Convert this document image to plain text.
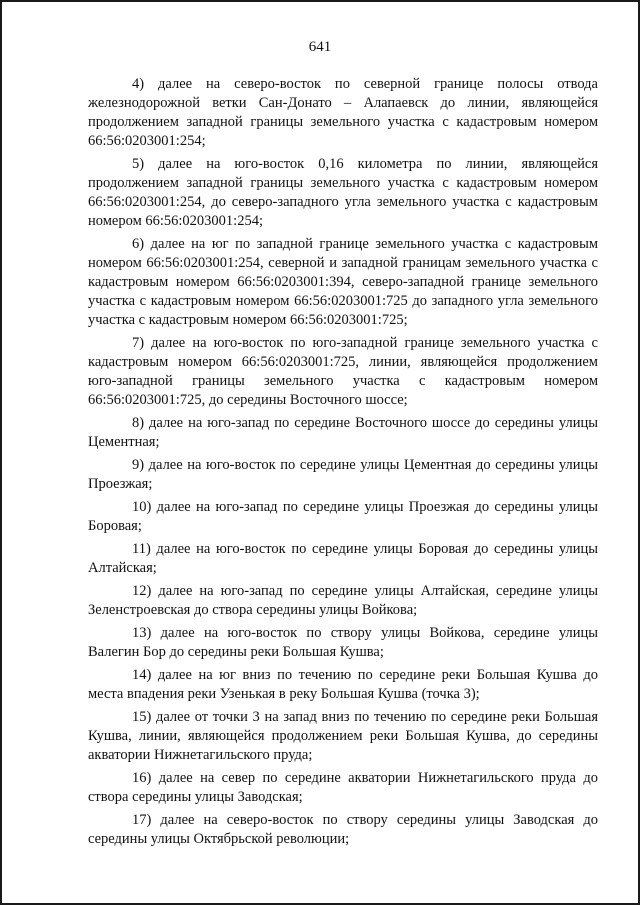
641

4) далее на северо-восток по северной границе полосы отвода железнодорожной ветки Сан-Донато – Алапаевск до линии, являющейся продолжением западной границы земельного участка с кадастровым номером 66:56:0203001:254;

5) далее на юго-восток 0,16 километра по линии, являющейся продолжением западной границы земельного участка с кадастровым номером 66:56:0203001:254, до северо-западного угла земельного участка с кадастровым номером 66:56:0203001:254;

6) далее на юг по западной границе земельного участка с кадастровым номером 66:56:0203001:254, северной и западной границам земельного участка с кадастровым номером 66:56:0203001:394, северо-западной границе земельного участка с кадастровым номером 66:56:0203001:725 до западного угла земельного участка с кадастровым номером 66:56:0203001:725;

7) далее на юго-восток по юго-западной границе земельного участка с кадастровым номером 66:56:0203001:725, линии, являющейся продолжением юго-западной границы земельного участка с кадастровым номером 66:56:0203001:725, до середины Восточного шоссе;

8) далее на юго-запад по середине Восточного шоссе до середины улицы Цементная;

9) далее на юго-восток по середине улицы Цементная до середины улицы Проезжая;

10) далее на юго-запад по середине улицы Проезжая до середины улицы Боровая;

11) далее на юго-восток по середине улицы Боровая до середины улицы Алтайская;

12) далее на юго-запад по середине улицы Алтайская, середине улицы Зеленстроевская до створа середины улицы Войкова;

13) далее на юго-восток по створу улицы Войкова, середине улицы Валегин Бор до середины реки Большая Кушва;

14) далее на юг вниз по течению по середине реки Большая Кушва до места впадения реки Узенькая в реку Большая Кушва (точка 3);

15) далее от точки 3 на запад вниз по течению по середине реки Большая Кушва, линии, являющейся продолжением реки Большая Кушва, до середины акватории Нижнетагильского пруда;

16) далее на север по середине акватории Нижнетагильского пруда до створа середины улицы Заводская;

17) далее на северо-восток по створу середины улицы Заводская до середины улицы Октябрьской революции;
